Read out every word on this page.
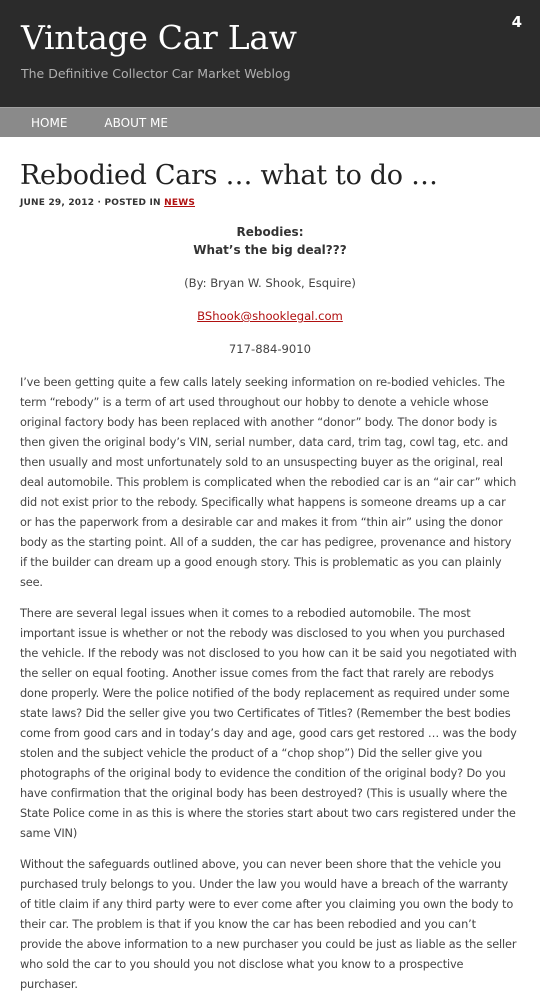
Vintage Car Law

The Definitive Collector Car Market Weblog

4
HOME	ABOUT ME
Rebodied Cars … what to do …
JUNE 29, 2012 · POSTED IN NEWS
Rebodies:
What’s the big deal???
(By: Bryan W. Shook, Esquire)
BShook@shooklegal.com
717-884-9010

I’ve been getting quite a few calls lately seeking information on re-bodied vehicles. The term “rebody” is a term of art used throughout our hobby to denote a vehicle whose original factory body has been replaced with another “donor” body. The donor body is then given the original body’s VIN, serial number, data card, trim tag, cowl tag, etc. and then usually and most unfortunately sold to an unsuspecting buyer as the original, real deal automobile. This problem is complicated when the rebodied car is an “air car” which did not exist prior to the rebody. Specifically what happens is someone dreams up a car or has the paperwork from a desirable car and makes it from “thin air” using the donor body as the starting point. All of a sudden, the car has pedigree, provenance and history if the builder can dream up a good enough story. This is problematic as you can plainly see.

There are several legal issues when it comes to a rebodied automobile. The most important issue is whether or not the rebody was disclosed to you when you purchased the vehicle. If the rebody was not disclosed to you how can it be said you negotiated with the seller on equal footing. Another issue comes from the fact that rarely are rebodys done properly. Were the police notified of the body replacement as required under some state laws? Did the seller give you two Certificates of Titles? (Remember the best bodies come from good cars and in today’s day and age, good cars get restored … was the body stolen and the subject vehicle the product of a “chop shop”) Did the seller give you photographs of the original body to evidence the condition of the original body? Do you have confirmation that the original body has been destroyed? (This is usually where the State Police come in as this is where the stories start about two cars registered under the same VIN)

Without the safeguards outlined above, you can never been shore that the vehicle you purchased truly belongs to you. Under the law you would have a breach of the warranty of title claim if any third party were to ever come after you claiming you own the body to their car. The problem is that if you know the car has been rebodied and you can’t provide the above information to a new purchaser you could be just as liable as the seller who sold the car to you should you not disclose what you know to a prospective purchaser.
